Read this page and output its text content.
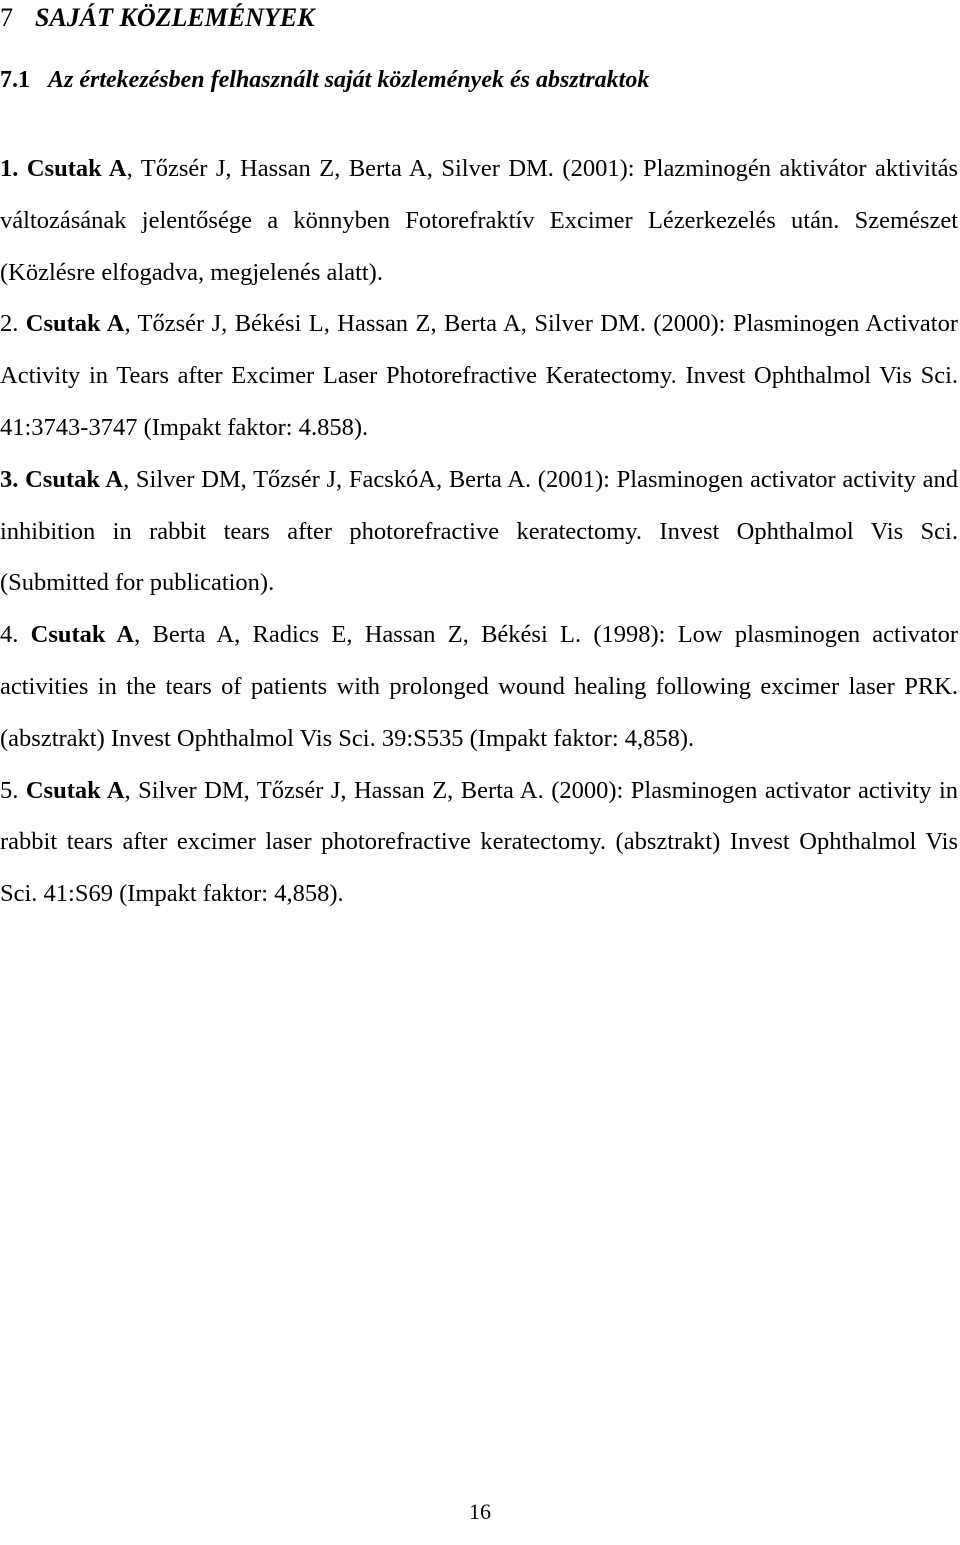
7 SAJÁT KÖZLEMÉNYEK
7.1 Az értekezésben felhasznált saját közlemények és absztraktok
1. Csutak A, Tőzsér J, Hassan Z, Berta A, Silver DM. (2001): Plazminogén aktivátor aktivitás változásának jelentősége a könnyben Fotorefraktív Excimer Lézerkezelés után. Szemészet (Közlésre elfogadva, megjelenés alatt).
2. Csutak A, Tőzsér J, Békési L, Hassan Z, Berta A, Silver DM. (2000): Plasminogen Activator Activity in Tears after Excimer Laser Photorefractive Keratectomy. Invest Ophthalmol Vis Sci. 41:3743-3747 (Impakt faktor: 4.858).
3. Csutak A, Silver DM, Tőzsér J, FacskóA, Berta A. (2001): Plasminogen activator activity and inhibition in rabbit tears after photorefractive keratectomy. Invest Ophthalmol Vis Sci. (Submitted for publication).
4. Csutak A, Berta A, Radics E, Hassan Z, Békési L. (1998): Low plasminogen activator activities in the tears of patients with prolonged wound healing following excimer laser PRK. (absztrakt) Invest Ophthalmol Vis Sci. 39:S535 (Impakt faktor: 4,858).
5. Csutak A, Silver DM, Tőzsér J, Hassan Z, Berta A. (2000): Plasminogen activator activity in rabbit tears after excimer laser photorefractive keratectomy. (absztrakt) Invest Ophthalmol Vis Sci. 41:S69 (Impakt faktor: 4,858).
16
